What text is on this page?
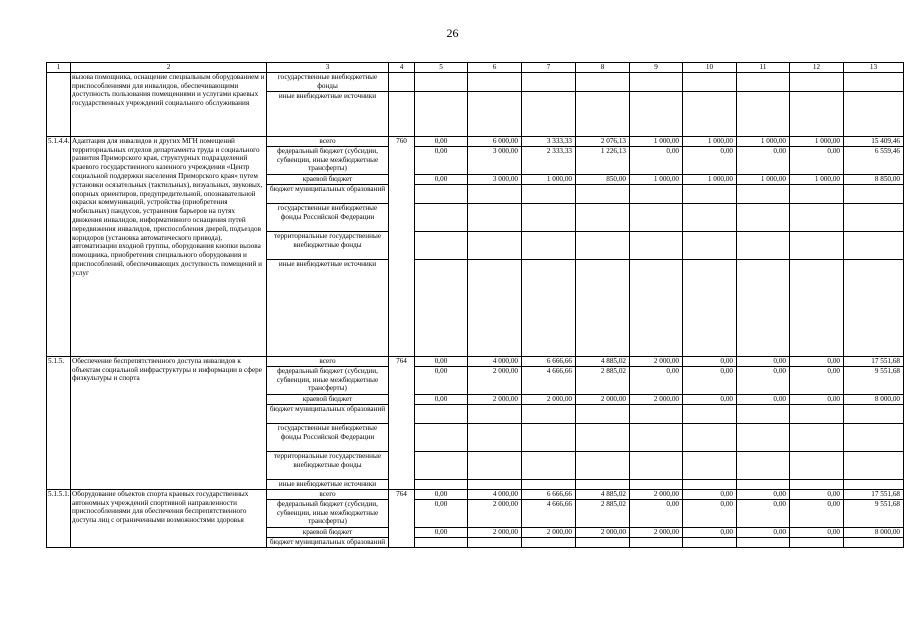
26
1	2	3	4	5	6	7	8	9	10	11	12	13
	вызова помощника, оснащение специальным оборудованием и приспособлениями для инвалидов, обеспечивающими доступность пользования помещениями и услугами краевых государственных учреждений социального обслуживания	государственные внебюджетные фонды										
		иные внебюджетные источники										
5.1.4.4.	Адаптация для инвалидов и других МГН помещений территориальных отделов департамента труда и социального развития Приморского края, структурных подразделений краевого государственного казенного учреждения «Центр социальной поддержки населения Приморского края» путем установки осязательных (тактильных), визуальных, звуковых, опорных ориентиров, предупредительной, опознавательной окраски коммуникаций, устройства (приобретения мобильных) пандусов, устранения барьеров на путях движения инвалидов, информативного оснащения путей передвижения инвалидов, приспособления дверей, подъездов коридоров (установка автоматического привода), автоматизации входной группы, оборудования кнопки вызова помощника, приобретения специального оборудования и приспособлений, обеспечивающих доступность помещений и услуг	всего	760	0,00	6 000,00	3 333,33	2 076,13	1 000,00	1 000,00	1 000,00	1 000,00	15 409,46
		федеральный бюджет (субсидии, субвенции, иные межбюджетные трансферты)		0,00	3 000,00	2 333,33	1 226,13	0,00	0,00	0,00	0,00	6 559,46
		краевой бюджет		0,00	3 000,00	1 000,00	850,00	1 000,00	1 000,00	1 000,00	1 000,00	8 850,00
		бюджет муниципальных образований										
		государственные внебюджетные фонды Российской Федерации										
		территориальные государственные внебюджетные фонды										
		иные внебюджетные источники										
5.1.5.	Обеспечение беспрепятственного доступа инвалидов к объектам социальной инфраструктуры и информации в сфере физкультуры и спорта	всего	764	0,00	4 000,00	6 666,66	4 885,02	2 000,00	0,00	0,00	0,00	17 551,68
		федеральный бюджет (субсидии, субвенции, иные межбюджетные трансферты)		0,00	2 000,00	4 666,66	2 885,02	0,00	0,00	0,00	0,00	9 551,68
		краевой бюджет		0,00	2 000,00	2 000,00	2 000,00	2 000,00	0,00	0,00	0,00	8 000,00
		бюджет муниципальных образований										
		государственные внебюджетные фонды Российской Федерации										
		территориальные государственные внебюджетные фонды										
		иные внебюджетные источники										
5.1.5.1.	Оборудование объектов спорта краевых государственных автономных учреждений спортивной направленности приспособлениями для обеспечения беспрепятственного доступа лиц с ограниченными возможностями здоровья	всего	764	0,00	4 000,00	6 666,66	4 885,02	2 000,00	0,00	0,00	0,00	17 551,68
		федеральный бюджет (субсидии, субвенции, иные межбюджетные трансферты)		0,00	2 000,00	4 666,66	2 885,02	0,00	0,00	0,00	0,00	9 551,68
		краевой бюджет		0,00	2 000,00	2 000,00	2 000,00	2 000,00	0,00	0,00	0,00	8 000,00
		бюджет муниципальных образований										
